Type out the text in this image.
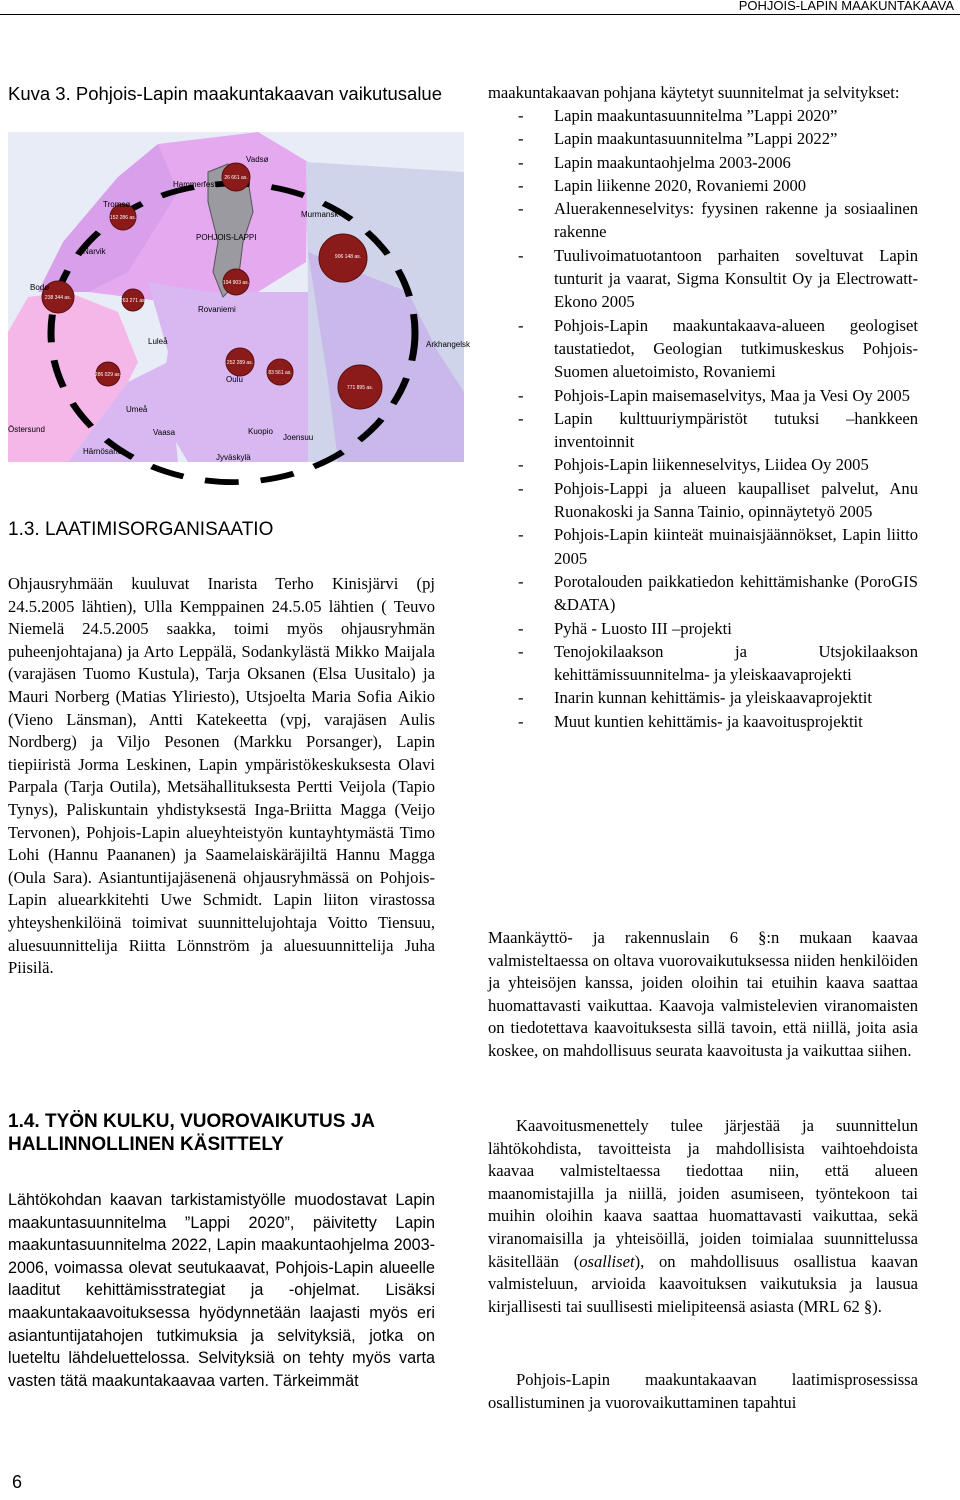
POHJOIS-LAPIN MAAKUNTAKAAVA
Kuva 3. Pohjois-Lapin maakuntakaavan vaikutusalue
26 661 as.
152 286 as.
238 344 as.	263 271 as.
194 903 as.
906 148 as.
252 289 as.
83 561 as.
286 029 as.
771 895 as.
Vadsø
Hammerfest
Tromsø
Murmansk
Narvik
Bodø
POHJOIS-LAPPI
Rovaniemi
Luleå
Oulu
Arkhangelsk
Umeå
Vaasa
Östersund
Härnösand
Kuopio
Joensuu
Jyväskylä
1.3. LAATIMISORGANISAATIO

Ohjausryhmään kuuluvat Inarista Terho Kinisjärvi (pj 24.5.2005 lähtien), Ulla Kemppainen 24.5.05 lähtien ( Teuvo Niemelä 24.5.2005 saakka, toimi myös ohjausryhmän puheenjohtajana) ja Arto Leppälä, Sodankylästä Mikko Maijala (varajäsen Tuomo Kustula), Tarja Oksanen (Elsa Uusitalo) ja Mauri Norberg (Matias Yliriesto), Utsjoelta Maria Sofia Aikio (Vieno Länsman), Antti Katekeetta (vpj, varajäsen Aulis Nordberg) ja Viljo Pesonen (Markku Porsanger), Lapin tiepiiristä Jorma Leskinen, Lapin ympäristökeskuksesta Olavi Parpala (Tarja Outila), Metsähallituksesta Pertti Veijola (Tapio Tynys), Paliskuntain yhdistyksestä Inga-Briitta Magga (Veijo Tervonen), Pohjois-Lapin alueyhteistyön kuntayhtymästä Timo Lohi (Hannu Paananen) ja Saamelaiskäräjiltä Hannu Magga (Oula Sara). Asiantuntijajäsenenä ohjausryhmässä on Pohjois-Lapin aluearkkitehti Uwe Schmidt. Lapin liiton virastossa yhteyshenkilöinä toimivat suunnittelujohtaja Voitto Tiensuu, aluesuunnittelija Riitta Lönnström ja aluesuunnittelija Juha Piisilä.

1.4. TYÖN KULKU, VUOROVAIKUTUS JA
HALLINNOLLINEN KÄSITTELY

Lähtökohdan kaavan tarkistamistyölle muodostavat Lapin maakuntasuunnitelma ”Lappi 2020”, päivitetty Lapin maakuntasuunnitelma 2022, Lapin maakuntaohjelma 2003-2006, voimassa olevat seutukaavat, Pohjois-Lapin alueelle laaditut kehittämisstrategiat ja -ohjelmat. Lisäksi maakuntakaavoituksessa hyödynnetään laajasti myös eri asiantuntijatahojen tutkimuksia ja selvityksiä, jotka on lueteltu lähdeluettelossa. Selvityksiä on tehty myös varta vasten tätä maakuntakaavaa varten. Tärkeimmät

maakuntakaavan pohjana käytetyt suunnitelmat ja selvitykset:

- Lapin maakuntasuunnitelma ”Lappi 2020”
- Lapin maakuntasuunnitelma ”Lappi 2022”
- Lapin maakuntaohjelma 2003-2006
- Lapin liikenne 2020, Rovaniemi 2000
- Aluerakenneselvitys: fyysinen rakenne ja sosiaalinen rakenne
- Tuulivoimatuotantoon parhaiten soveltuvat Lapin tunturit ja vaarat, Sigma Konsultit Oy ja Electrowatt-Ekono 2005
- Pohjois-Lapin maakuntakaava-alueen geologiset taustatiedot, Geologian tutkimuskeskus Pohjois-Suomen aluetoimisto, Rovaniemi
- Pohjois-Lapin maisemaselvitys, Maa ja Vesi Oy 2005
- Lapin kulttuuriympäristöt tutuksi –hankkeen inventoinnit
- Pohjois-Lapin liikenneselvitys, Liidea Oy 2005
- Pohjois-Lappi ja alueen kaupalliset palvelut, Anu Ruonakoski ja Sanna Tainio, opinnäytetyö 2005
- Pohjois-Lapin kiinteät muinaisjäännökset, Lapin liitto 2005
- Porotalouden paikkatiedon kehittämishanke (PoroGIS &DATA)
- Pyhä - Luosto III –projekti
- Tenojokilaakson ja Utsjokilaakson kehittämissuunnitelma- ja yleiskaavaprojekti
- Inarin kunnan kehittämis- ja yleiskaavaprojektit
- Muut kuntien kehittämis- ja kaavoitusprojektit

Maankäyttö- ja rakennuslain 6 §:n mukaan kaavaa valmisteltaessa on oltava vuorovaikutuksessa niiden henkilöiden ja yhteisöjen kanssa, joiden oloihin tai etuihin kaava saattaa huomattavasti vaikuttaa. Kaavoja valmistelevien viranomaisten on tiedotettava kaavoituksesta sillä tavoin, että niillä, joita asia koskee, on mahdollisuus seurata kaavoitusta ja vaikuttaa siihen.

Kaavoitusmenettely tulee järjestää ja suunnittelun lähtökohdista, tavoitteista ja mahdollisista vaihtoehdoista kaavaa valmisteltaessa tiedottaa niin, että alueen maanomistajilla ja niillä, joiden asumiseen, työntekoon tai muihin oloihin kaava saattaa huomattavasti vaikuttaa, sekä viranomaisilla ja yhteisöillä, joiden toimialaa suunnittelussa käsitellään (osalliset), on mahdollisuus osallistua kaavan valmisteluun, arvioida kaavoituksen vaikutuksia ja lausua kirjallisesti tai suullisesti mielipiteensä asiasta (MRL 62 §).

Pohjois-Lapin maakuntakaavan laatimisprosessissa osallistuminen ja vuorovaikuttaminen tapahtui

6
